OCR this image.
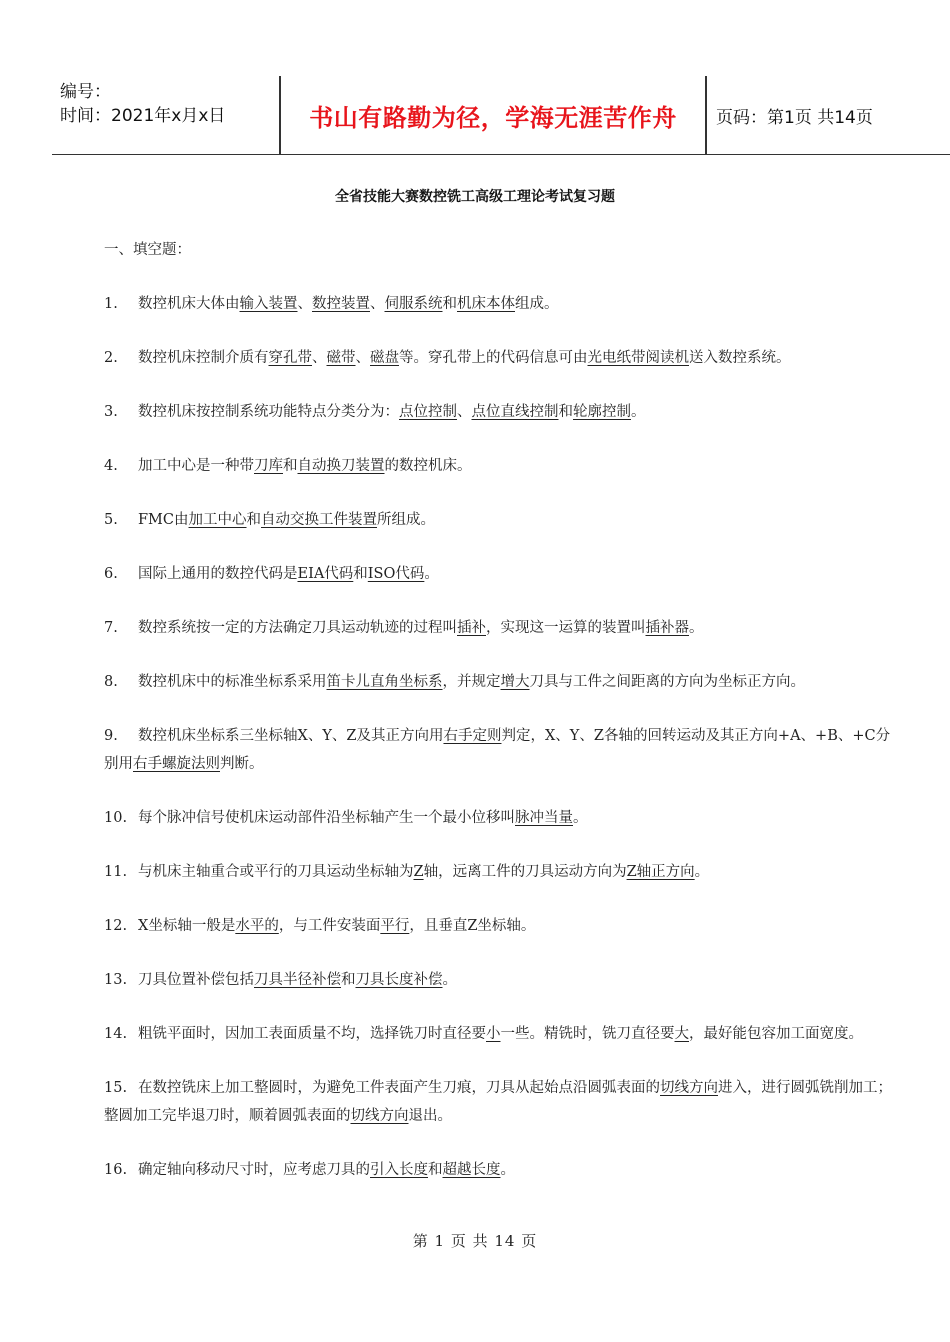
编号：
时间：2021年x月x日	书山有路勤为径，学海无涯苦作舟	页码：第1页 共14页
全省技能大赛数控铣工高级工理论考试复习题
一、填空题：
1. 数控机床大体由输入装置、数控装置、伺服系统和机床本体组成。
2. 数控机床控制介质有穿孔带、磁带、磁盘等。穿孔带上的代码信息可由光电纸带阅读机送入数控系统。
3. 数控机床按控制系统功能特点分类分为：点位控制、点位直线控制和轮廓控制。
4. 加工中心是一种带刀库和自动换刀装置的数控机床。
5. FMC由加工中心和自动交换工件装置所组成。
6. 国际上通用的数控代码是EIA代码和ISO代码。
7. 数控系统按一定的方法确定刀具运动轨迹的过程叫插补，实现这一运算的装置叫插补器。
8. 数控机床中的标准坐标系采用笛卡儿直角坐标系，并规定增大刀具与工件之间距离的方向为坐标正方向。
9. 数控机床坐标系三坐标轴X、Y、Z及其正方向用右手定则判定，X、Y、Z各轴的回转运动及其正方向+A、+B、+C分别用右手螺旋法则判断。
10. 每个脉冲信号使机床运动部件沿坐标轴产生一个最小位移叫脉冲当量。
11. 与机床主轴重合或平行的刀具运动坐标轴为Z轴，远离工件的刀具运动方向为Z轴正方向。
12. X坐标轴一般是水平的，与工件安装面平行，且垂直Z坐标轴。
13. 刀具位置补偿包括刀具半径补偿和刀具长度补偿。
14. 粗铣平面时，因加工表面质量不均，选择铣刀时直径要小一些。精铣时，铣刀直径要大，最好能包容加工面宽度。
15. 在数控铣床上加工整圆时，为避免工件表面产生刀痕，刀具从起始点沿圆弧表面的切线方向进入，进行圆弧铣削加工；整圆加工完毕退刀时，顺着圆弧表面的切线方向退出。
16. 确定轴向移动尺寸时，应考虑刀具的引入长度和超越长度。
第 1 页 共 14 页
